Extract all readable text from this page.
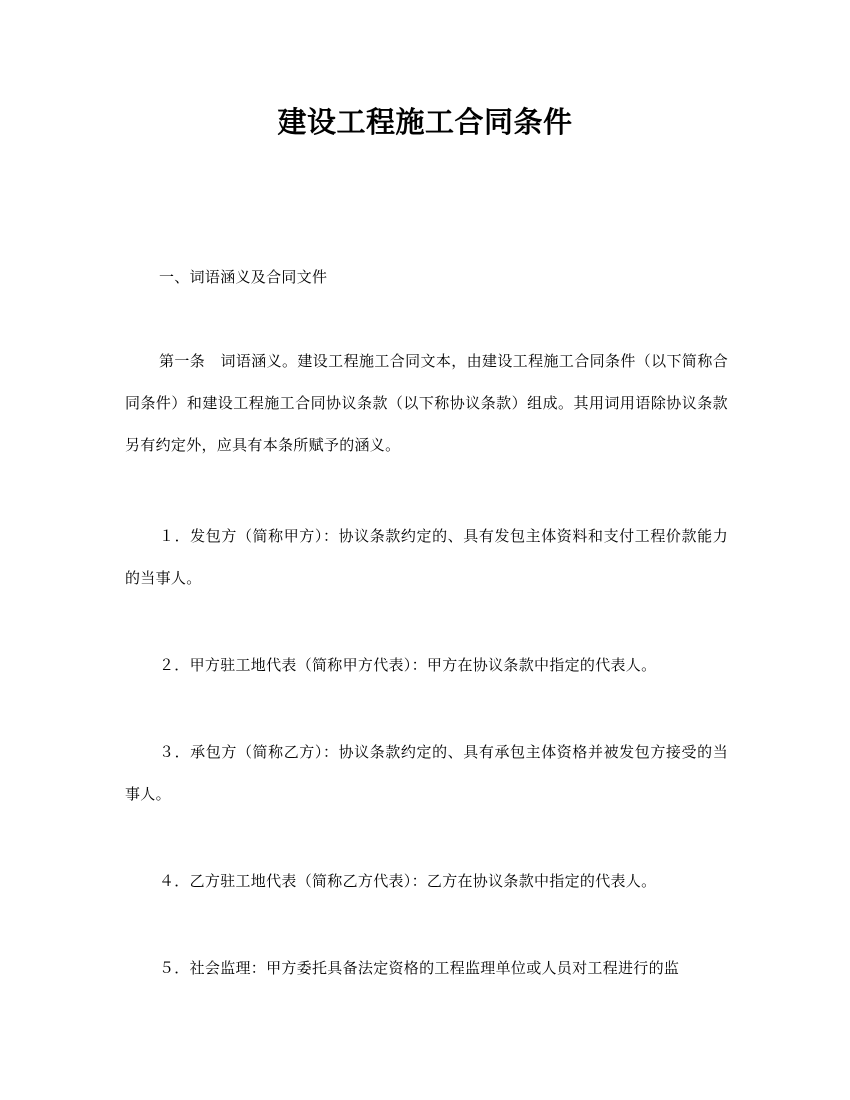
建设工程施工合同条件
一、词语涵义及合同文件
第一条　词语涵义。建设工程施工合同文本，由建设工程施工合同条件（以下简称合同条件）和建设工程施工合同协议条款（以下称协议条款）组成。其用词用语除协议条款另有约定外，应具有本条所赋予的涵义。
１．发包方（简称甲方）：协议条款约定的、具有发包主体资料和支付工程价款能力的当事人。
２．甲方驻工地代表（简称甲方代表）：甲方在协议条款中指定的代表人。
３．承包方（简称乙方）：协议条款约定的、具有承包主体资格并被发包方接受的当事人。
４．乙方驻工地代表（简称乙方代表）：乙方在协议条款中指定的代表人。
５．社会监理：甲方委托具备法定资格的工程监理单位或人员对工程进行的监
